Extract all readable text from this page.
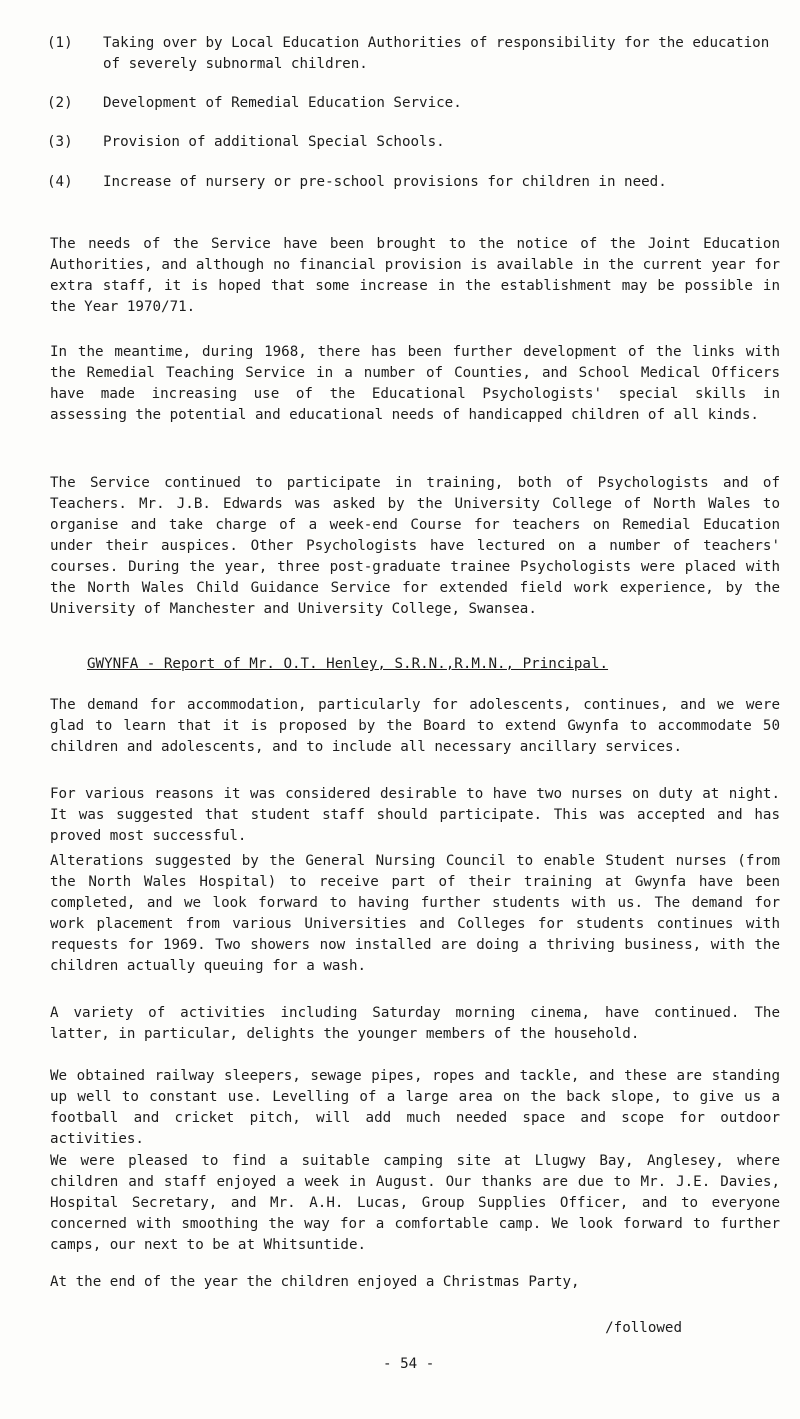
(1) Taking over by Local Education Authorities of responsibility for the education of severely subnormal children.
(2) Development of Remedial Education Service.
(3) Provision of additional Special Schools.
(4) Increase of nursery or pre-school provisions for children in need.

The needs of the Service have been brought to the notice of the Joint Education Authorities, and although no financial provision is available in the current year for extra staff, it is hoped that some increase in the establishment may be possible in the Year 1970/71.

In the meantime, during 1968, there has been further development of the links with the Remedial Teaching Service in a number of Counties, and School Medical Officers have made increasing use of the Educational Psychologists' special skills in assessing the potential and educational needs of handicapped children of all kinds.

The Service continued to participate in training, both of Psychologists and of Teachers. Mr. J.B. Edwards was asked by the University College of North Wales to organise and take charge of a week-end Course for teachers on Remedial Education under their auspices. Other Psychologists have lectured on a number of teachers' courses. During the year, three post-graduate trainee Psychologists were placed with the North Wales Child Guidance Service for extended field work experience, by the University of Manchester and University College, Swansea.

GWYNFA - Report of Mr. O.T. Henley, S.R.N.,R.M.N., Principal.

The demand for accommodation, particularly for adolescents, continues, and we were glad to learn that it is proposed by the Board to extend Gwynfa to accommodate 50 children and adolescents, and to include all necessary ancillary services.

For various reasons it was considered desirable to have two nurses on duty at night. It was suggested that student staff should participate. This was accepted and has proved most successful.

Alterations suggested by the General Nursing Council to enable Student nurses (from the North Wales Hospital) to receive part of their training at Gwynfa have been completed, and we look forward to having further students with us. The demand for work placement from various Universities and Colleges for students continues with requests for 1969. Two showers now installed are doing a thriving business, with the children actually queuing for a wash.

A variety of activities including Saturday morning cinema, have continued. The latter, in particular, delights the younger members of the household.

We obtained railway sleepers, sewage pipes, ropes and tackle, and these are standing up well to constant use. Levelling of a large area on the back slope, to give us a football and cricket pitch, will add much needed space and scope for outdoor activities.

We were pleased to find a suitable camping site at Llugwy Bay, Anglesey, where children and staff enjoyed a week in August. Our thanks are due to Mr. J.E. Davies, Hospital Secretary, and Mr. A.H. Lucas, Group Supplies Officer, and to everyone concerned with smoothing the way for a comfortable camp. We look forward to further camps, our next to be at Whitsuntide.

At the end of the year the children enjoyed a Christmas Party,

/followed
- 54 -
